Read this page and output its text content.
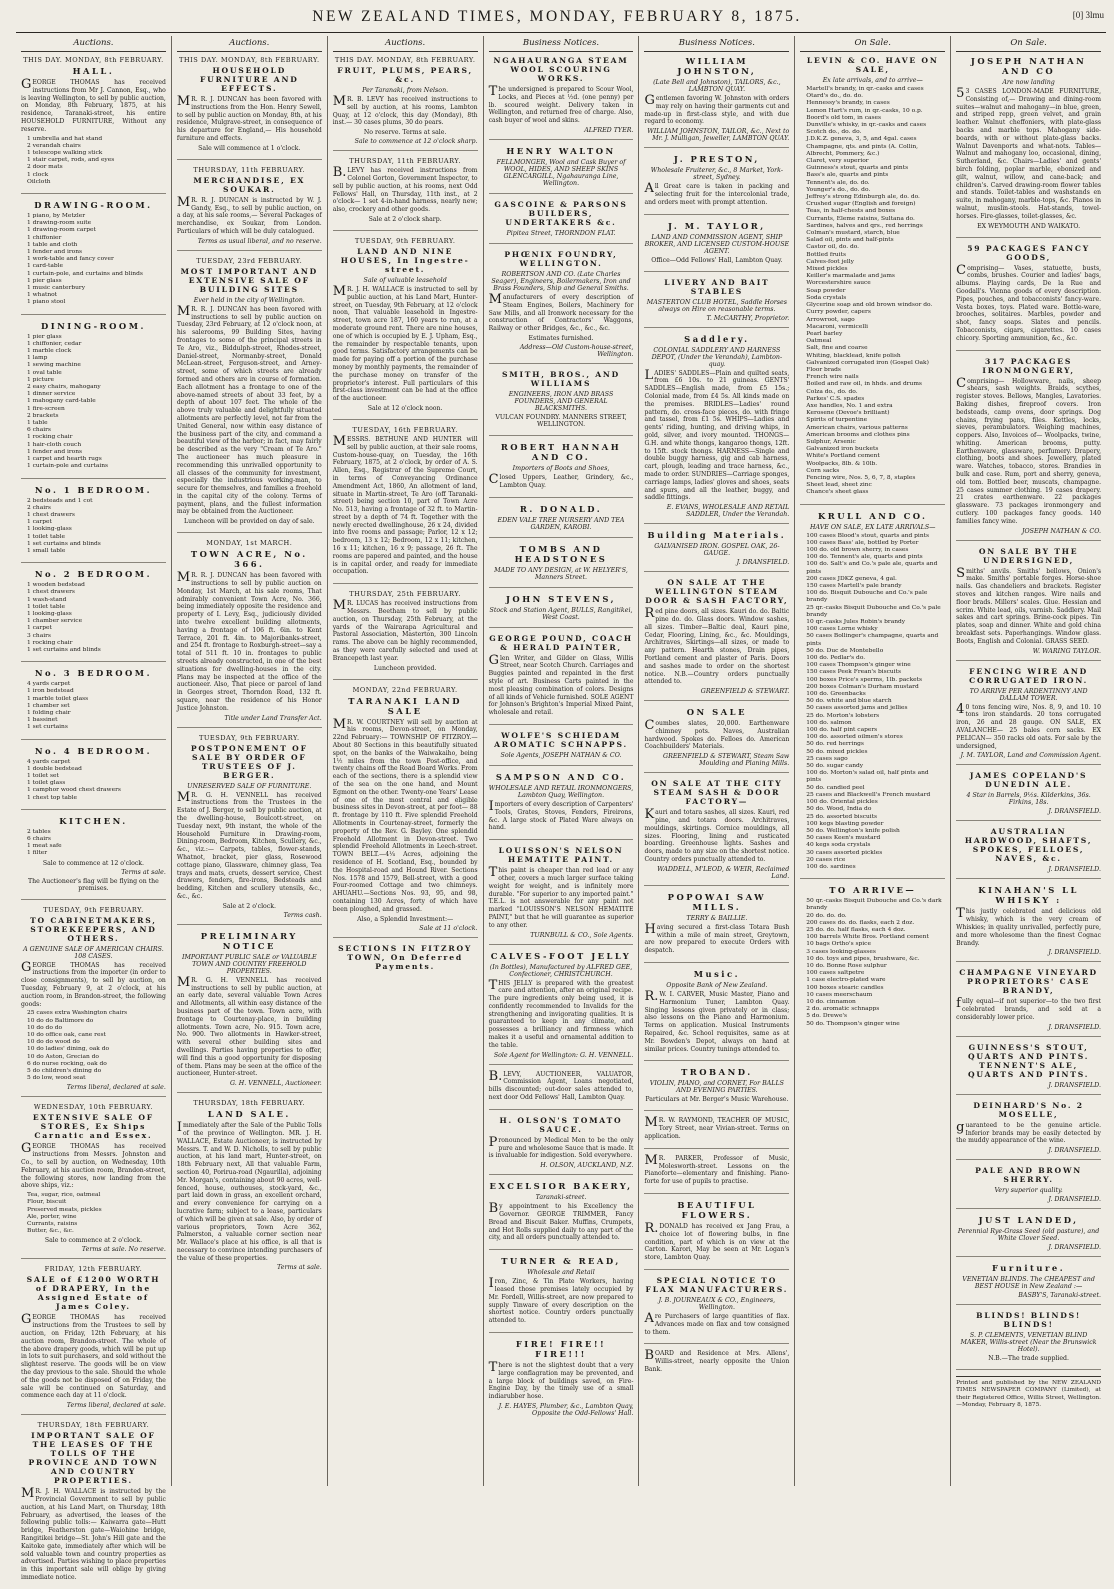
NEW ZEALAND TIMES, MONDAY, FEBRUARY 8, 1875.	[0] 3lmu
Auctions.
THIS DAY. MONDAY, 8th FEBRUARY.
HALL.
GEORGE THOMAS has received instructions from Mr J. Cannon, Esq., who is leaving Wellington, to sell by public auction, on Monday, 8th February, 1875, at his residence, Taranaki-street, his entire HOUSEHOLD FURNITURE, Without any reserve.
1 umbrella and hat stand
2 verandah chairs
1 telescope walking stick
1 stair carpet, rods, and eyes
2 door mats
1 clock
Oilcloth
DRAWING-ROOM.
1 piano, by Metzler
1 drawing-room suite
1 drawing-room carpet
1 chiffonier
1 table and cloth
1 fender and irons
1 work-table and fancy cover
1 card-table
1 curtain-pole, and curtains and blinds
1 pier glass
1 music canterbury
1 whatnot
1 piano stool
DINING-ROOM.
1 pier glass
1 chiffonier, cedar
1 marble clock
1 lamp
1 sewing machine
1 oval table
1 picture
2 easy chairs, mahogany
1 dinner service
1 mahogany card-table
1 fire-screen
2 brackets
1 table
6 chairs
1 rocking chair
1 hair-cloth couch
1 fender and irons
1 carpet and hearth rugs
1 curtain-pole and curtains
No. 1 BEDROOM.
2 bedsteads and 1 cot
2 chairs
1 chest drawers
1 carpet
1 looking-glass
1 toilet table
1 set curtains and blinds
1 small table
No. 2 BEDROOM.
1 wooden bedstead
1 chest drawers
1 wash-stand
1 toilet table
1 looking-glass
1 chamber service
1 carpet
3 chairs
1 rocking chair
1 set curtains and blinds
No. 3 BEDROOM.
4 yards carpet
1 iron bedstead
1 marble toilet glass
1 chamber set
1 folding chair
1 bassinet
1 set curtains
No. 4 BEDROOM.
4 yards carpet
1 double bedstead
1 toilet set
1 toilet glass
1 camphor wood chest drawers
1 chest top table
KITCHEN.
2 tables
6 chairs
1 meat safe
1 filter
Sale to commence at 12 o'clock.
Terms at sale.
The Auctioneer's flag will be flying on the premises.
TUESDAY, 9th FEBRUARY.
TO CABINETMAKERS, STOREKEEPERS, AND OTHERS.
A GENUINE SALE OF AMERICAN CHAIRS. 108 CASES.
GEORGE THOMAS has received instructions from the importer (in order to close consignments), to sell by auction, on Tuesday, February 9, at 2 o'clock, at his auction room, in Brandon-street, the following goods:
25 cases extra Washington chairs
10 do do Baltimore do
10 do do do
10 do office oak, cane rest
10 do do wood do
10 do ladies' dining, oak do
10 do Aston, Grecian do
6 do nurse rocking, oak do
5 do children's dining do
5 do low, wood seat
Terms liberal, declared at sale.
WEDNESDAY, 10th FEBRUARY.
EXTENSIVE SALE OF STORES, Ex Ships Carnatic and Essex.
GEORGE THOMAS has received instructions from Messrs. Johnston and Co., to sell by auction, on Wednesday, 10th February, at his auction room, Brandon-street, the following stores, now landing from the above ships, viz.:
Tea, sugar, rice, oatmeal
Flour, biscuit
Preserved meats, pickles
Ale, porter, wine
Currants, raisins
Butter, &c., &c.
Sale to commence at 2 o'clock.
Terms at sale. No reserve.
FRIDAY, 12th FEBRUARY.
SALE of £1200 WORTH of DRAPERY, In the Assigned Estate of James Coley.
GEORGE THOMAS has received instructions from the Trustees to sell by auction, on Friday, 12th February, at his auction room, Brandon-street. The whole of the above drapery goods, which will be put up in lots to suit purchasers, and sold without the slightest reserve. The goods will be on view the day previous to the sale. Should the whole of the goods not be disposed of on Friday, the sale will be continued on Saturday, and commence each day at 11 o'clock.
Terms liberal, declared at sale.
THURSDAY, 18th FEBRUARY.
IMPORTANT SALE OF THE LEASES OF THE TOLLS OF THE PROVINCE AND TOWN AND COUNTRY PROPERTIES.
MR. J. H. WALLACE is instructed by the Provincial Government to sell by public auction, at his Land Mart, on Thursday, 18th February, as advertised, the leases of the following public tolls:— Kaiwarra gate—Hutt bridge, Featherston gate—Waiohine bridge, Rangitikei bridge—St. John's Hill gate and the Kaitoke gate, immediately after which will be sold valuable town and country properties as advertised. Parties wishing to place properties in this important sale will oblige by giving immediate notice.
Auctions.
THIS DAY. MONDAY, 8th FEBRUARY.
HOUSEHOLD FURNITURE AND EFFECTS.
MR. R. J. DUNCAN has been favored with instructions from the Hon. Henry Sewell, to sell by public auction on Monday, 8th, at his residence, Mulgrave-street, in consequence of his departure for England,— His household furniture and effects.
Sale will commence at 1 o'clock.
THURSDAY, 11th FEBRUARY.
MERCHANDISE, EX SOUKAR.
MR. R. J. DUNCAN is instructed by W. J. Gandy, Esq., to sell by public auction, on a day, at his sale rooms,— Several Packages of merchandise, ex Soukar, from London. Particulars of which will be duly catalogued.
Terms as usual liberal, and no reserve.
TUESDAY, 23rd FEBRUARY.
MOST IMPORTANT AND EXTENSIVE SALE OF BUILDING SITES
Ever held in the city of Wellington.
MR. R. J. DUNCAN has been favored with instructions to sell by public auction on Tuesday, 23rd February, at 12 o'clock noon, at his salerooms, 99 Building Sites, having frontages to some of the principal streets in Te Aro, viz., Biddulph-street, Rhodes-street, Daniel-street, Normanby-street, Donald McLean-street, Ferguson-street, and Arney-street, some of which streets are already formed and others are in course of formation. Each allotment has a frontage to one of the above-named streets of about 33 feet, by a depth of about 107 feet. The whole of the above truly valuable and delightfully situated allotments are perfectly level, not far from the United General, now within easy distance of the business part of the city, and command a beautiful view of the harbor; in fact, may fairly be described as the very "Cream of Te Aro." The auctioneer has much pleasure in recommending this unrivalled opportunity to all classes of the community for investment, especially the industrious working-man, to secure for themselves, and families a freehold in the capital city of the colony. Terms of payment, plans, and the fullest information may be obtained from the Auctioneer.
Luncheon will be provided on day of sale.
MONDAY, 1st MARCH.
TOWN ACRE, No. 366.
MR. R. J. DUNCAN has been favored with instructions to sell by public auction on Monday, 1st March, at his sale rooms, That admirably convenient Town Acre, No. 366, being immediately opposite the residence and property of I. Levy, Esq., judiciously divided into twelve excellent building allotments, having a frontage of 106 ft. 6in. to Kent Terrace, 201 ft. 4in. to Majoribanks-street, and 254 ft. frontage to Roxburgh-street—say a total of 511 ft. 10 in. frontages to public streets already constructed, in one of the best situations for dwelling-houses in the city. Plans may be inspected at the office of the auctioneer. Also, That piece or parcel of land in Georges street, Thorndon Road, 132 ft. square, near the residence of his Honor Justice Johnston.
Title under Land Transfer Act.
TUESDAY, 9th FEBRUARY.
POSTPONEMENT OF SALE BY ORDER OF TRUSTEES OF J. BERGER.
UNRESERVED SALE OF FURNITURE.
MR. G. H. VENNELL has received instructions from the Trustees in the Estate of J. Berger, to sell by public auction, at the dwelling-house, Boulcott-street, on Tuesday next, 9th instant, the whole of the Household Furniture in Drawing-room, Dining-room, Bedroom, Kitchen, Scullery, &c., &c., viz.:— Carpets, tables, flower-stands, Whatnot, bracket, pier glass, Rosewood cottage piano, Glassware, chimney glass, Tea trays and mats, cruets, dessert service, Chest drawers, fenders, fire-irons, Bedsteads and bedding, Kitchen and scullery utensils, &c., &c., &c.
Sale at 2 o'clock.
Terms cash.
PRELIMINARY NOTICE
IMPORTANT PUBLIC SALE or VALUABLE TOWN AND COUNTRY FREEHOLD PROPERTIES.
MR. G. H. VENNELL has received instructions to sell by public auction, at an early date, several valuable Town Acres and Allotments, all within easy distance of the business part of the town. Town acre, with frontage to Courtenay-place, in building allotments. Town acre, No. 915. Town acre, No. 900. Two allotments in Hawker-street, with several other building sites and dwellings. Parties having properties to offer, will find this a good opportunity for disposing of them. Plans may be seen at the office of the auctioneer, Hunter-street.
G. H. VENNELL, Auctioneer.
THURSDAY, 18th FEBRUARY.
LAND SALE.
Immediately after the Sale of the Public Tolls of the province of Wellington. MR. J. H. WALLACE, Estate Auctioneer, is instructed by Messrs. T. and W. D. Nicholls, to sell by public auction, at his land mart, Hunter-street, on 18th February next, All that valuable Farm, section 40, Porirua-road (Ngaurilla), adjoining Mr. Morgan's, containing about 90 acres, well-fenced, house, outhouses, stock-yard, &c., part laid down in grass, an excellent orchard, and every convenience for carrying on a lucrative farm; subject to a lease, particulars of which will be given at sale. Also, by order of various proprietors, Town Acre 362, Palmerston, a valuable corner section near Mr. Wallace's place at his office, is all that is necessary to convince intending purchasers of the value of these properties.
Terms at sale.
Auctions.
THIS DAY. MONDAY, 8th FEBRUARY.
FRUIT, PLUMS, PEARS, &c.
Per Taranaki, from Nelson.
MR. B. LEVY has received instructions to sell by auction, at his rooms, Lambton Quay, at 12 o'clock, this day (Monday), 8th inst.— 30 cases plums, 30 do pears.
No reserve. Terms at sale.
Sale to commence at 12 o'clock sharp.
THURSDAY, 11th FEBRUARY.
B.LEVY has received instructions from Colonel Gorton, Government Inspector, to sell by public auction, at his rooms, next Odd Fellows' Hall, on Thursday, 11th inst., at 2 o'clock— 1 set 4-in-hand harness, nearly new; also, crockery and other goods.
Sale at 2 o'clock sharp.
TUESDAY, 9th FEBRUARY.
LAND AND NINE HOUSES, In Ingestre-street.
Sale of valuable leasehold
MR. J. H. WALLACE is instructed to sell by public auction, at his Land Mart, Hunter-street, on Tuesday, 9th February, at 12 o'clock noon, That valuable leasehold in Ingestre-street, town acre 187, 160 years to run, at a moderate ground rent. There are nine houses, one of which is occupied by E. J. Upham, Esq., the remainder by respectable tenants, upon good terms. Satisfactory arrangements can be made for paying off a portion of the purchase money by monthly payments, the remainder of the purchase money on transfer of the proprietor's interest. Full particulars of this first-class investment can be had at the office of the auctioneer.
Sale at 12 o'clock noon.
TUESDAY, 16th FEBRUARY.
MESSRS. BETHUNE AND HUNTER will sell by public auction, at their sale rooms, Custom-house-quay, on Tuesday, the 16th February, 1875, at 2 o'clock, by order of A. S. Allen, Esq., Registrar of the Supreme Court, in terms of Conveyancing Ordinance Amendment Act, 1860, An allotment of land, situate in Martin-street, Te Aro (off Taranaki-street) being section 10, part of Town Acre No. 513, having a frontage of 32 ft. to Martin-street by a depth of 74 ft. Together with the newly erected dwellinghouse, 26 x 24, divided into five rooms and passage; Parlor, 12 x 12; bedroom, 13 x 12; Bedroom, 12 x 11; kitchen, 16 x 11; kitchen, 16 x 9; passage, 26 ft. The rooms are papered and painted, and the house is in capital order, and ready for immediate occupation.
THURSDAY, 25th FEBRUARY.
MR. LUCAS has received instructions from Messrs. Beetham to sell by public auction, on Thursday, 25th February, at the yards of the Wairarapa Agricultural and Pastoral Association, Masterton, 300 Lincoln rams. The above can be highly recommended, as they were carefully selected and used at Brancepeth last year.
Luncheon provided.
MONDAY, 22nd FEBRUARY.
TARANAKI LAND SALE
MR. W. COURTNEY will sell by auction at his rooms, Devon-street, on Monday, 22nd February:— TOWNSHIP OF FITZROY.—About 80 Sections in this beautifully situated spot, on the banks of the Waiwakaiho, being 1½ miles from the town Post-office, and twenty chains off the Road Board Works. From each of the sections, there is a splendid view of the sea on the one hand, and Mount Egmont on the other. Twenty-one Years' Lease of one of the most central and eligible business sites in Devon-street, at per foot— 88 ft. frontage by 110 ft. Five splendid Freehold Allotments in Courtenay-street, formerly the property of the Rev. G. Bayley. One splendid Freehold Allotment in Devon-street. Two splendid Freehold Allotments in Leech-street. TOWN BELT.—4¼ Acres, adjoining the residence of H. Scotland, Esq., bounded by the Hospital-road and Hound River. Sections Nos. 1578 and 1579, Bell-street, with a good Four-roomed Cottage and two chimneys. AHUAHU.—Sections Nos. 93, 95, and 98, containing 130 Acres, forty of which have been ploughed, and grassed.
Also, a Splendid Investment:—
Sale at 11 o'clock.
SECTIONS IN FITZROY TOWN, On Deferred Payments.
Business Notices.
NGAHAURANGA STEAM WOOL SCOURING WORKS.
The undersigned is prepared to Scour Wool, Locks, and Pieces at ½d. (one penny) per lb. scoured weight. Delivery taken in Wellington, and returned free of charge. Also, cash buyer of wool and skins.
ALFRED TYER.
HENRY WALTON
FELLMONGER, Wool and Cask Buyer of WOOL, HIDES, AND SHEEP SKINS GLENCARGILL, Ngahauranga Line, Wellington.
GASCOINE & PARSONS BUILDERS, UNDERTAKERS &c.
Pipitea Street, THORNDON FLAT.
PHŒNIX FOUNDRY, WELLINGTON.
ROBERTSON AND CO. (Late Charles Seager), Engineers, Boilermakers, Iron and Brass Founders, Ship and General Smiths.
Manufacturers of every description of Steam Engines, Boilers, Machinery for Saw Mills, and all Ironwork necessary for the construction of Contractors' Waggons, Railway or other Bridges, &c., &c., &c.
Estimates furnished.
Address—Old Custom-house-street, Wellington.
SMITH, BROS., AND WILLIAMS
ENGINEERS, IRON AND BRASS FOUNDERS, AND GENERAL BLACKSMITHS.
VULCAN FOUNDRY. MANNERS STREET, WELLINGTON.
ROBERT HANNAH AND CO.
Importers of Boots and Shoes,
Closed Uppers, Leather, Grindery, &c., Lambton Quay.
R. DONALD.
EDEN VALE TREE NURSERY AND TEA GARDEN, KAROBI.
TOMBS AND HEADSTONES
MADE TO ANY DESIGN, at W. HELYER'S, Manners Street.
JOHN STEVENS,
Stock and Station Agent, BULLS, Rangitikei, West Coast.
GEORGE POUND, COACH & HERALD PAINTER,
Glen Writer, and Gilder on Glass, Willis Street, near Scotch Church. Carriages and Buggies painted and repainted in the first style of art. Business Carts painted in the most pleasing combination of colors. Designs of all kinds of Vehicle furnished. SOLE AGENT for Johnson's Brighton's Imperial Mixed Paint, wholesale and retail.
WOLFE'S SCHIEDAM AROMATIC SCHNAPPS.
Sole Agents, JOSEPH NATHAN & CO.
SAMPSON AND CO.
WHOLESALE AND RETAIL IRONMONGERS, Lambton Quay, Wellington.
Importers of every description of Carpenters' Tools, Grates, Stoves, Fenders, Fireirons, &c. A large stock of Plated Ware always on hand.
LOUISSON'S NELSON HEMATITE PAINT.
This paint is cheaper than red lead or any other, covers a much larger surface taking weight for weight, and is infinitely more durable. "For superior to any imported paint." T.E.L. is not answerable for any paint not marked "LOUISSON'S NELSON HEMATITE PAINT," but that he will guarantee as superior to any other.
TURNBULL & CO., Sole Agents.
CALVES-FOOT JELLY
(In Bottles), Manufactured by ALFRED GEE, Confectioner, CHRISTCHURCH.
THIS JELLY is prepared with the greatest care and attention, after an original recipe. The pure ingredients only being used, it is confidently recommended to Invalids for the strengthening and invigorating qualities. It is guaranteed to keep in any climate, and possesses a brilliancy and firmness which makes it a useful and ornamental addition to the table.
Sole Agent for Wellington: G. H. VENNELL.
B.LEVY, AUCTIONEER, VALUATOR, Commission Agent, Loans negotiated, bills discounted; out-door sales attended to, next door Odd Fellows' Hall, Lambton Quay.
H. OLSON'S TOMATO SAUCE.
Pronounced by Medical Men to be the only pure and wholesome Sauce that is made. It is invaluable for indigestion. Sold everywhere.
H. OLSON, AUCKLAND, N.Z.
EXCELSIOR BAKERY,
Taranaki-street.
By appointment to his Excellency the Governor. GEORGE TRIMMER, Fancy Bread and Biscuit Baker. Muffins, Crumpets, and Hot Rolls supplied daily to any part of the city, and all orders punctually attended to.
TURNER & READ,
Wholesale and Retail
Iron, Zinc, & Tin Plate Workers, having leased those premises lately occupied by Mr. Fordell, Willis-street, are now prepared to supply Tinware of every description on the shortest notice. Country orders punctually attended to.
FIRE! FIRE!! FIRE!!!
There is not the slightest doubt that a very large conflagration may be prevented, and a large block of buildings saved, on Fire-Engine Day, by the timely use of a small indiarubber hose.
J. E. HAYES, Plumber, &c., Lambton Quay, Opposite the Odd-Fellows' Hall.
Business Notices.
WILLIAM JOHNSTON,
(Late Bell and Johnston), TAILORS, &c., LAMBTON QUAY.
Gentlemen favoring W. Johnston with orders may rely on having their garments cut and made-up in first-class style, and with due regard to economy.
WILLIAM JOHNSTON, TAILOR, &c., Next to Mr. J. Mulligan, Jeweller, LAMBTON QUAY.
J. PRESTON,
Wholesale Fruiterer, &c., 8 Market, York-street, Sydney.
All Great care is taken in packing and selecting fruit for the intercolonial trade, and orders meet with prompt attention.
J. M. TAYLOR,
LAND AND COMMISSION AGENT, SHIP BROKER, AND LICENSED CUSTOM-HOUSE AGENT.
Office—Odd Fellows' Hall, Lambton Quay.
LIVERY AND BAIT STABLES
MASTERTON CLUB HOTEL, Saddle Horses always on Hire on reasonable terms.
T. McCARTHY, Proprietor.
Saddlery.
COLONIAL SADDLERY AND HARNESS DEPOT, (Under the Verandah), Lambton-quay.
LADIES' SADDLES—Plain and quilted seats, from £6 10s. to 21 guineas. GENTS' SADDLES—English made, from £5 15s.; Colonial made, from £4 5s. All kinds made on the premises. BRIDLES—Ladies' round pattern, do. cross-face pieces, do. with fringe and tassel, from £1 5s. WHIPS—Ladies and gents' riding, hunting, and driving whips, in gold, silver, and ivory mounted. THONGS—G.H. and white thongs, kangaroo thongs, 12ft. to 15ft. stock thongs. HARNESS—Single and double buggy harness, gig and cab harness, cart, plough, leading and trace harness, &c., made to order. SUNDRIES—Carriage sponges, carriage lamps, ladies' gloves and shoes, seats and spurs, and all the leather, buggy, and saddle fittings.
E. EVANS, WHOLESALE AND RETAIL SADDLER, Under the Verandah.
Building Materials.
GALVANISED IRON. GOSPEL OAK, 26-GAUGE.
J. DRANSFIELD.
ON SALE AT THE WELLINGTON STEAM DOOR & SASH FACTORY,
Red pine doors, all sizes. Kauri do. do. Baltic pine do. do. Glass doors. Window sashes, all sizes. Timber—Baltic deal, Kauri pine, Cedar, Flooring, Lining, &c., &c. Mouldings, Architraves, Skirtings—all sizes, or made to any pattern. Hearth stones, Drain pipes, Portland cement and plaster of Paris. Doors and sashes made to order on the shortest notice. N.B.—Country orders punctually attended to.
GREENFIELD & STEWART.
ON SALE
Coumbes slates, 20,000. Earthenware chimney pots. Naves, Australian hardwood. Spokes do. Felloes do. American Coachbuilders' Materials.
GREENFIELD & STEWART, Steam Saw Moulding and Planing Mills.
ON SALE AT THE CITY STEAM SASH & DOOR FACTORY—
Kauri and totara sashes, all sizes. Kauri, red pine, and totara doors. Architraves, mouldings, skirtings. Cornice mouldings, all sizes. Flooring, lining and rusticated boarding. Greenhouse lights. Sashes and doors, made to any size on the shortest notice. Country orders punctually attended to.
WADDELL, M'LEOD, & WEIR, Reclaimed Land.
POPOWAI SAW MILLS.
TERRY & BAILLIE.
Having secured a first-class Totara Bush within a mile of main street, Greytown, are now prepared to execute Orders with despatch.
Music.
Opposite Bank of New Zealand.
R.W. I. CARVER, Music Master, Piano and Harmonium Tuner, Lambton Quay. Singing lessons given privately or in class; also lessons on the Piano and Harmonium. Terms on application. Musical Instruments Repaired, &c. School requisites, same as at Mr. Bowden's Depot, always on hand at similar prices. Country tunings attended to.
TROBAND.
VIOLIN, PIANO, and CORNET, For BALLS AND EVENING PARTIES.
Particulars at Mr. Berger's Music Warehouse.
MR. W. RAYMOND, TEACHER OF MUSIC, Tory Street, near Vivian-street. Terms on application.
MR. PARKER, Professor of Music, Molesworth-street. Lessons on the Pianoforte—elementary and finishing. Piano-forte for use of pupils to practise.
BEAUTIFUL FLOWERS.
R.DONALD has received ex Jang Frau, a choice lot of flowering bulbs, in fine condition, part of which is on view at the Carton. Karori, May be seen at Mr. Logan's store, Lambton Quay.
SPECIAL NOTICE TO FLAX MANUFACTURERS.
J. B. JOURNEAUX & CO., Engineers, Wellington.
Are Purchasers of large quantities of flax. Advances made on flax and tow consigned to them.
BOARD and Residence at Mrs. Allens', Willis-street, nearly opposite the Union Bank.
On Sale.
LEVIN & CO. HAVE ON SALE,
Ex late arrivals, and to arrive—
Martell's brandy, in qr.-casks and cases
Otard's do., do. do.
Hennessy's brandy, in cases
Lemon Hart's rum, in qr.-casks, 10 o.p.
Boord's old tom, in cases
Dunville's whisky, in qr.-casks and cases
Scotch do., do. do.
J.D.K.Z. geneva, 3, 5, and 4gal. cases
Champagne, qts. and pints (A. Collin, Albrecht, Pommery, &c.)
Claret, very superior
Guinness's stout, quarts and pints
Bass's ale, quarts and pints
Tennent's ale, do. do.
Younger's do., do. do.
Jeffrey's strong Edinburgh ale, do. do.
Crushed sugar (English and foreign)
Teas, in half-chests and boxes
Currants, Eleme raisins, Sultana do.
Sardines, halves and qrs., red herrings
Colman's mustard, starch, blue
Salad oil, pints and half-pints
Castor oil, do. do.
Bottled fruits
Calves-foot jelly
Mixed pickles
Keiller's marmalade and jams
Worcestershire sauce
Soap powder
Soda crystals
Glycerine soap and old brown windsor do.
Curry powder, capers
Arrowroot, sago
Macaroni, vermicelli
Pearl barley
Oatmeal
Salt, fine and coarse
Whiting, blacklead, knife polish
Galvanized corrugated iron (Gospel Oak)
Floor brads
French wire nails
Boiled and raw oil, in hhds. and drums
Colza do., do. do.
Parkes' C.S. spades
Axe handles, No. 1 and extra
Kerosene (Devoe's brilliant)
Spirits of turpentine
American chairs, various patterns
American brooms and clothes pins
Sulphur, Arsenic
Galvanized iron buckets
White's Portland cement
Woolpacks, 8lb. & 10lb.
Corn sacks
Fencing wire, Nos. 5, 6, 7, 8, staples
Sheet lead, sheet zinc
Chance's sheet glass
KRULL AND CO.
HAVE ON SALE, EX LATE ARRIVALS—
100 cases Blood's stout, quarts and pints
100 cases Bass' ale, bottled by Porter
100 do. old brown sherry, in cases
100 do. Tennent's ale, quarts and pints
100 do. Salt's and Co.'s pale ale, quarts and pints
200 cases JDKZ geneva, 4 gal.
150 cases Martell's pale brandy
100 do. Bisquit Dubouche and Co.'s pale brandy
25 qr.-casks Bisquit Dubouche and Co.'s pale brandy
10 qr.-casks Jules Robin's brandy
100 cases Lorne whisky
50 cases Bollinger's champagne, quarts and pints
50 do. Duc de Montebello
100 do. Pedlar's do.
100 cases Thompson's ginger wine
150 cases Peek Frean's biscuits
100 boxes Price's sperms, 1lb. packets
200 boxes Colman's Durham mustard
100 do. Greenbacks
50 do. white and blue starch
50 cases assorted jams and jellies
25 do. Morton's lobsters
100 do. salmon
100 do. half pint capers
100 do. assorted oilmen's stores
50 do. red herrings
50 do. mixed pickles
25 cases sago
50 do. sugar candy
100 do. Morton's salad oil, half pints and pints
50 do. candied peel
25 cases and Blackwell's French mustard
100 do. Oriental pickles
50 do. Wood, India do
25 do. assorted biscuits
100 kegs blasting powder
50 do. Wellington's knife polish
50 cases Keen's mustard
40 kegs soda crystals
30 cases assorted pickles
20 cases rice
100 do. sardines
TO ARRIVE—
50 qr.-casks Bisquit Dubouche and Co.'s dark brandy
20 do. do. do.
200 cases do. do. flasks, each 2 doz.
25 do. do. half flasks, each 4 doz.
100 barrels White Bros. Portland cement
10 bags Ortho's spice
3 cases looking-glasses
10 do. toys and pipes, brushware, &c.
10 do. Bonne Rose sulphur
100 cases saltpetre
1 case electro-plated ware
100 boxes stearic candles
10 cases meerschaum
10 do. cinnamon
2 do. aromatic schnapps
5 do. Drewe's
50 do. Thompson's ginger wine
On Sale.
JOSEPH NATHAN AND CO
Are now landing
53 CASES LONDON-MADE FURNITURE, Consisting of,— Drawing and dining-room suites—walnut and mahogany—in blue, green, and striped repp, green velvet, and grain leather. Walnut cheffoniers, with plate-glass backs and marble tops. Mahogany side-boards, with or without plate-glass backs. Walnut Davenports and what-nots. Tables—Walnut and mahogany loo, occasional, dining, Sutherland, &c. Chairs—Ladies' and gents' birch folding, poplar marble, ebonized and gilt, walnut, willow, and cane-back; and children's. Carved drawing-room flower tables and stands. Toilet-tables and washstands en suite, in mahogany, marble-tops, &c. Pianos in walnut, muslin-stools. Hat-stands, towel-horses. Fire-glasses, toilet-glasses, &c.
EX WEYMOUTH AND WAIKATO.
59 PACKAGES FANCY GOODS,
Comprising— Vases, statuette, busts, combs, brushes. Courier and ladies' bags, albums. Playing cards, De la Rue and Goodall's. Vienna goods of every description. Pipes, pouches, and tobacconists' fancy-ware. Vesta boxes, toys. Plated ware. Bottle-ware, brooches, solitaires. Marbles, powder and shot, fancy soaps. Slates and pencils. Tobacconists, cigars, cigarettes. 10 cases chicory. Sporting ammunition, &c., &c.
317 PACKAGES IRONMONGERY,
Comprising— Hollowware, nails, sheep shears, sash weights. Braids, scythes, register stoves. Bellows, Mangles, Lavatories. Baking dishes, fireproof covers. Iron bedsteads, camp ovens, door springs. Dog chains, frying pans, files. Kettles, locks, sieves, perambulators. Weighing machines, coppers. Also, Invoices of— Woolpacks, twine, whiting. American brooms, putty. Earthenware, glassware, perfumery. Drapery, clothing, boots and shoes. Jewellery, plated ware. Watches, tobacco, stores. Brandies in bulk and case. Rum, port and sherry, geneva, old tom. Bottled beer, muscats, champagne. 25 cases summer clothing. 19 cases drapery. 21 crates earthenware. 22 packages glassware. 73 packages ironmongery and cutlery. 100 packages fancy goods. 140 families fancy wine.
JOSEPH NATHAN & CO.
ON SALE BY THE UNDERSIGNED,
Smiths' anvils. Smiths' bellows, Onion's make. Smiths' portable forges. Horse-shoe nails. Gas chandeliers and brackets. Register stoves and kitchen ranges. Wire nails and floor brads. Millers' scales. Glue. Hessian and scrim. White lead, oils, varnish. Saddlery. Mail sakes and cart springs. Brine-cock pipes. Tin plates, soap and dinner. White and gold china breakfast sets. Paperhangings. Window glass. Boots, English and Colonial. GRASS SEED.
W. WARING TAYLOR.
FENCING WIRE AND CORRUGATED IRON.
TO ARRIVE PER ARDENTINNY AND DALLAM TOWER.
40 tons fencing wire, Nos. 8, 9, and 10. 10 tons iron standards. 20 tons corrugated iron, 26 and 28 gauge. ON SALE, EX AVALANCHE— 25 bales corn sacks. EX PELICAN— 350 racks old oats. For sale by the undersigned,
J. M. TAYLOR, Land and Commission Agent.
JAMES COPELAND'S DUNEDIN ALE.
4 Star in Barrels, 9½s. Kilderkins, 36s. Firkins, 18s.
J. DRANSFIELD.
AUSTRALIAN HARDWOOD, SHAFTS, SPOKES, FELLOES, NAVES, &c.
J. DRANSFIELD.
KINAHAN'S LL WHISKY :
This justly celebrated and delicious old whisky, which is the very cream of Whiskies; in quality unrivalled, perfectly pure, and more wholesome than the finest Cognac Brandy.
J. DRANSFIELD.
CHAMPAGNE VINEYARD PROPRIETORS' CASE BRANDY,
fully equal—if not superior—to the two first celebrated brands, and sold at a considerably lower price.
J. DRANSFIELD.
GUINNESS'S STOUT, QUARTS AND PINTS. TENNENT'S ALE, QUARTS AND PINTS.
J. DRANSFIELD.
DEINHARD'S No. 2 MOSELLE,
guaranteed to be the genuine article. Inferior brands may be easily detected by the muddy appearance of the wine.
J. DRANSFIELD.
PALE AND BROWN SHERRY.
Very superior quality.
J. DRANSFIELD.
JUST LANDED,
Perennial Rye-Grass Seed (old pasture), and White Clover Seed.
J. DRANSFIELD.
Furniture.
VENETIAN BLINDS. The CHEAPEST and BEST HOUSE in New Zealand :—
BASBY'S, Taranaki-street.
BLINDS! BLINDS! BLINDS!
S. P. CLEMENTS, VENETIAN BLIND MAKER, Willis-street (Near the Brunswick Hotel).
N.B.—The trade supplied.
Printed and published by the NEW ZEALAND TIMES NEWSPAPER COMPANY (Limited), at their Registered Office, Willis Street, Wellington.—Monday, February 8, 1875.
